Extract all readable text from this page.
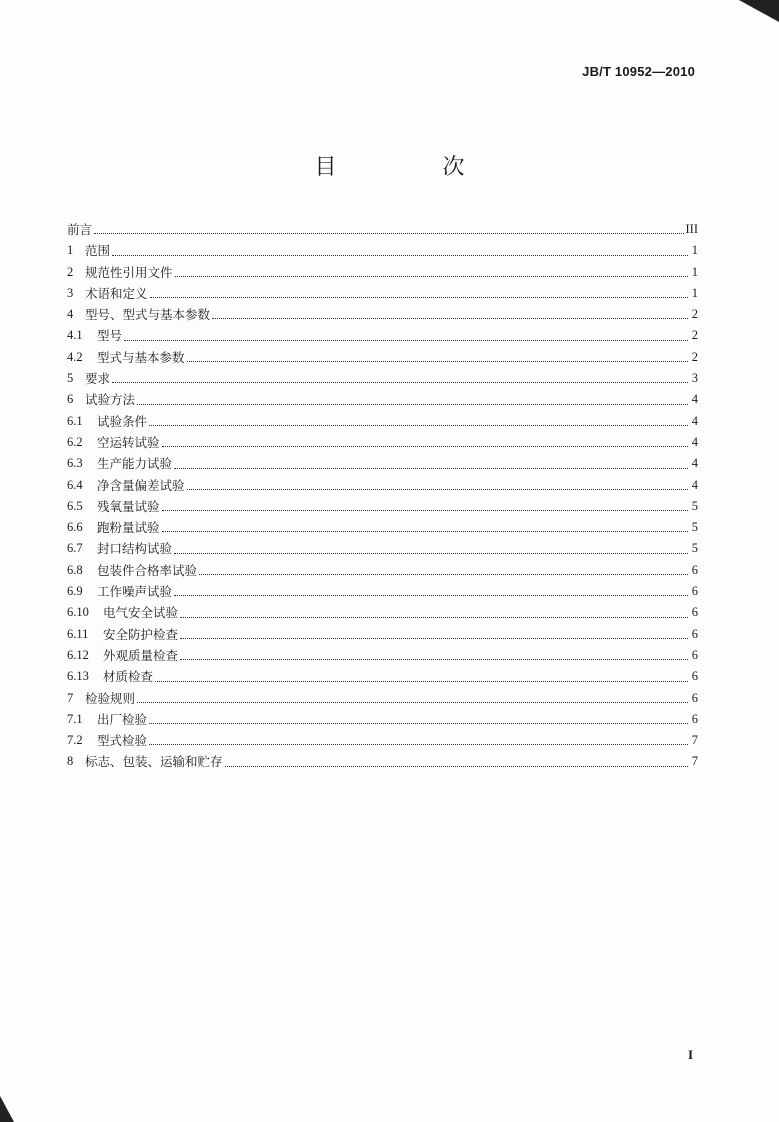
JB/T 10952—2010
目　次
前言	III
1 范围	1
2 规范性引用文件	1
3 术语和定义	1
4 型号、型式与基本参数	2
4.1	型号	2
4.2	型式与基本参数	2
5 要求	3
6 试验方法	4
6.1	试验条件	4
6.2	空运转试验	4
6.3	生产能力试验	4
6.4	净含量偏差试验	4
6.5	残氧量试验	5
6.6	跑粉量试验	5
6.7	封口结构试验	5
6.8	包装件合格率试验	6
6.9	工作噪声试验	6
6.10	电气安全试验	6
6.11	安全防护检查	6
6.12	外观质量检查	6
6.13	材质检查	6
7 检验规则	6
7.1	出厂检验	6
7.2	型式检验	7
8 标志、包装、运输和贮存	7
I
